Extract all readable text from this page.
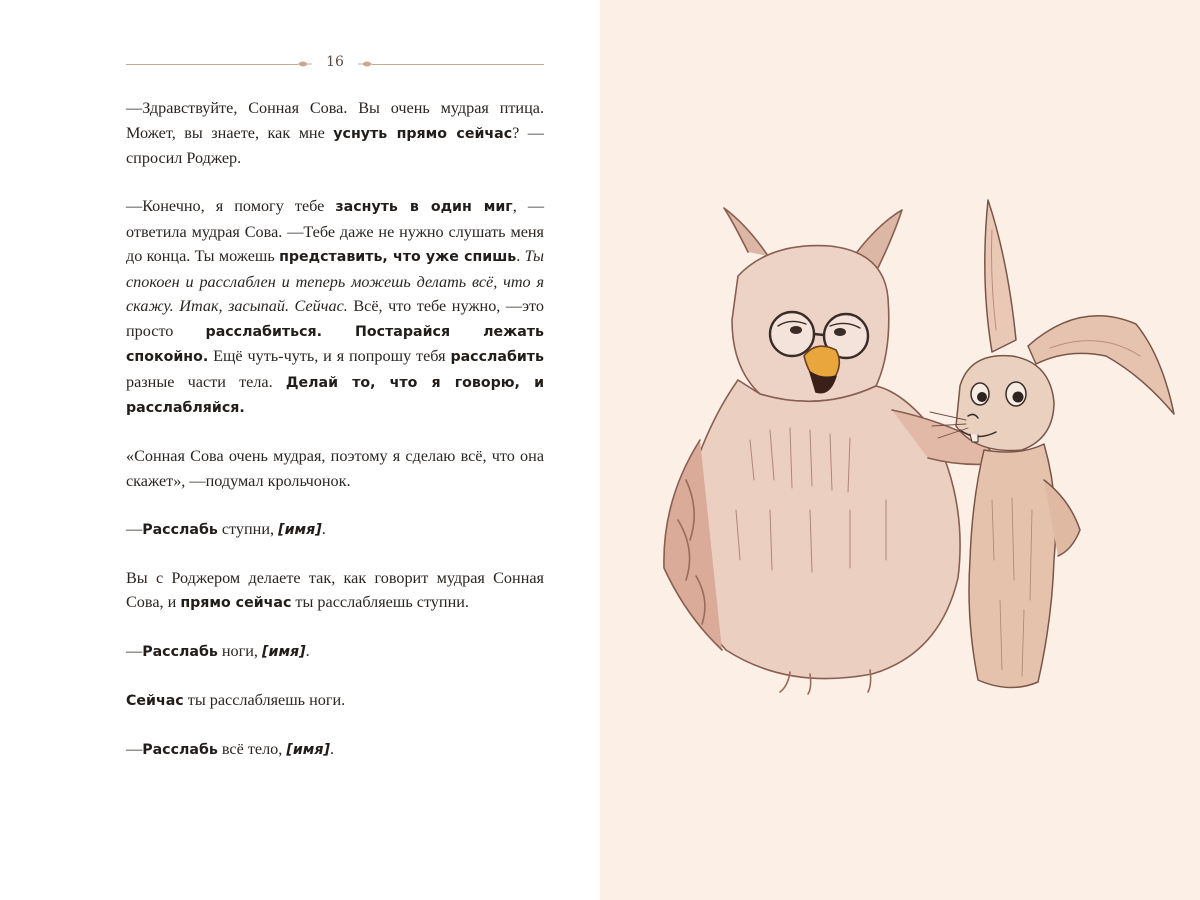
16

—Здравствуйте, Сонная Сова. Вы очень мудрая птица. Может, вы знаете, как мне уснуть прямо сейчас? —спросил Роджер.

—Конечно, я помогу тебе заснуть в один миг, —ответила мудрая Сова. —Тебе даже не нужно слушать меня до конца. Ты можешь представить, что уже спишь. Ты спокоен и расслаблен и теперь можешь делать всё, что я скажу. Итак, засыпай. Сейчас. Всё, что тебе нужно, —это просто расслабиться. Постарайся лежать спокойно. Ещё чуть-чуть, и я попрошу тебя расслабить разные части тела. Делай то, что я говорю, и расслабляйся.

«Сонная Сова очень мудрая, поэтому я сделаю всё, что она скажет», —подумал крольчонок.

—Расслабь ступни, [имя].

Вы с Роджером делаете так, как говорит мудрая Сонная Сова, и прямо сейчас ты расслабляешь ступни.

—Расслабь ноги, [имя].

Сейчас ты расслабляешь ноги.

—Расслабь всё тело, [имя].
